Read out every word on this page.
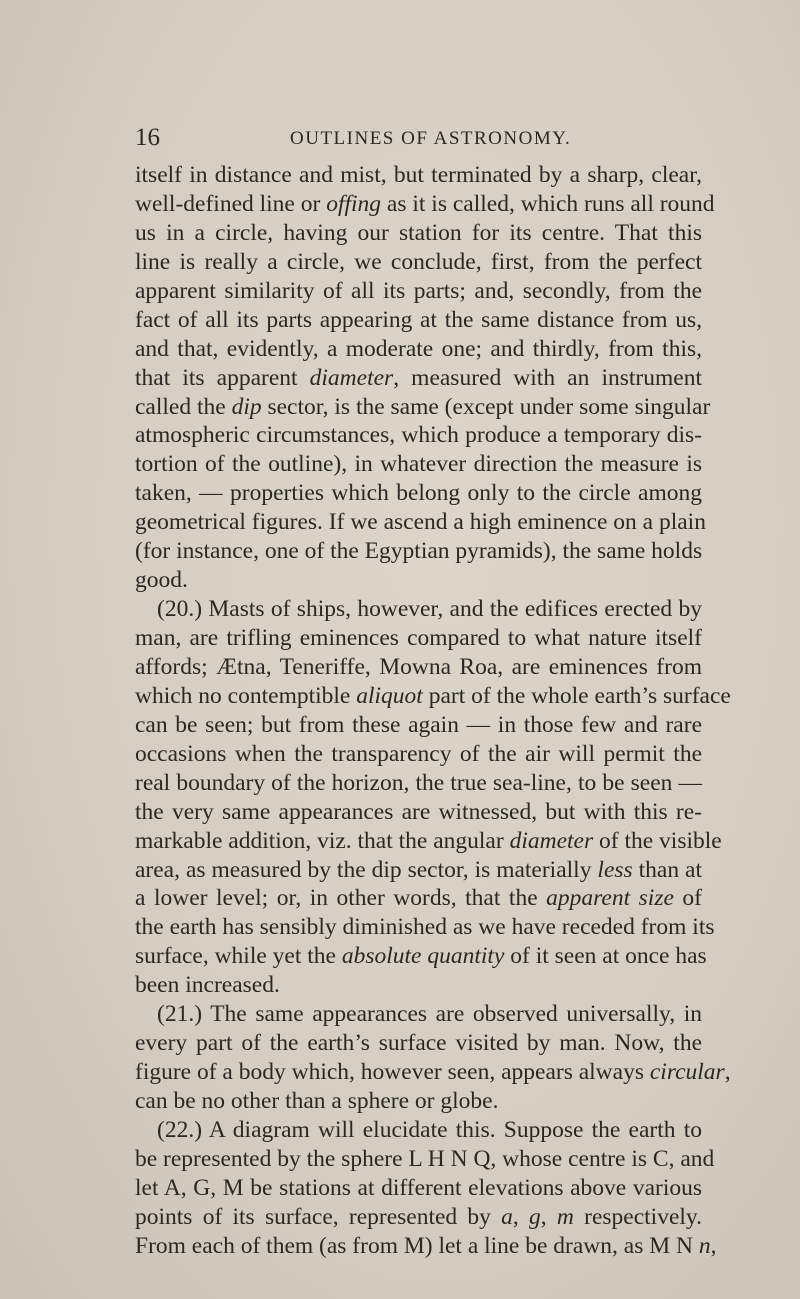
16	OUTLINES OF ASTRONOMY.
itself in distance and mist, but terminated by a sharp, clear,
well-defined line or offing as it is called, which runs all round
us in a circle, having our station for its centre. That this
line is really a circle, we conclude, first, from the perfect
apparent similarity of all its parts; and, secondly, from the
fact of all its parts appearing at the same distance from us,
and that, evidently, a moderate one; and thirdly, from this,
that its apparent diameter, measured with an instrument
called the dip sector, is the same (except under some singular
atmospheric circumstances, which produce a temporary dis-
tortion of the outline), in whatever direction the measure is
taken, — properties which belong only to the circle among
geometrical figures. If we ascend a high eminence on a plain
(for instance, one of the Egyptian pyramids), the same holds
good.
(20.) Masts of ships, however, and the edifices erected by
man, are trifling eminences compared to what nature itself
affords; Ætna, Teneriffe, Mowna Roa, are eminences from
which no contemptible aliquot part of the whole earth’s surface
can be seen; but from these again — in those few and rare
occasions when the transparency of the air will permit the
real boundary of the horizon, the true sea-line, to be seen —
the very same appearances are witnessed, but with this re-
markable addition, viz. that the angular diameter of the visible
area, as measured by the dip sector, is materially less than at
a lower level; or, in other words, that the apparent size of
the earth has sensibly diminished as we have receded from its
surface, while yet the absolute quantity of it seen at once has
been increased.
(21.) The same appearances are observed universally, in
every part of the earth’s surface visited by man. Now, the
figure of a body which, however seen, appears always circular,
can be no other than a sphere or globe.
(22.) A diagram will elucidate this. Suppose the earth to
be represented by the sphere L H N Q, whose centre is C, and
let A, G, M be stations at different elevations above various
points of its surface, represented by a, g, m respectively.
From each of them (as from M) let a line be drawn, as M N n,
